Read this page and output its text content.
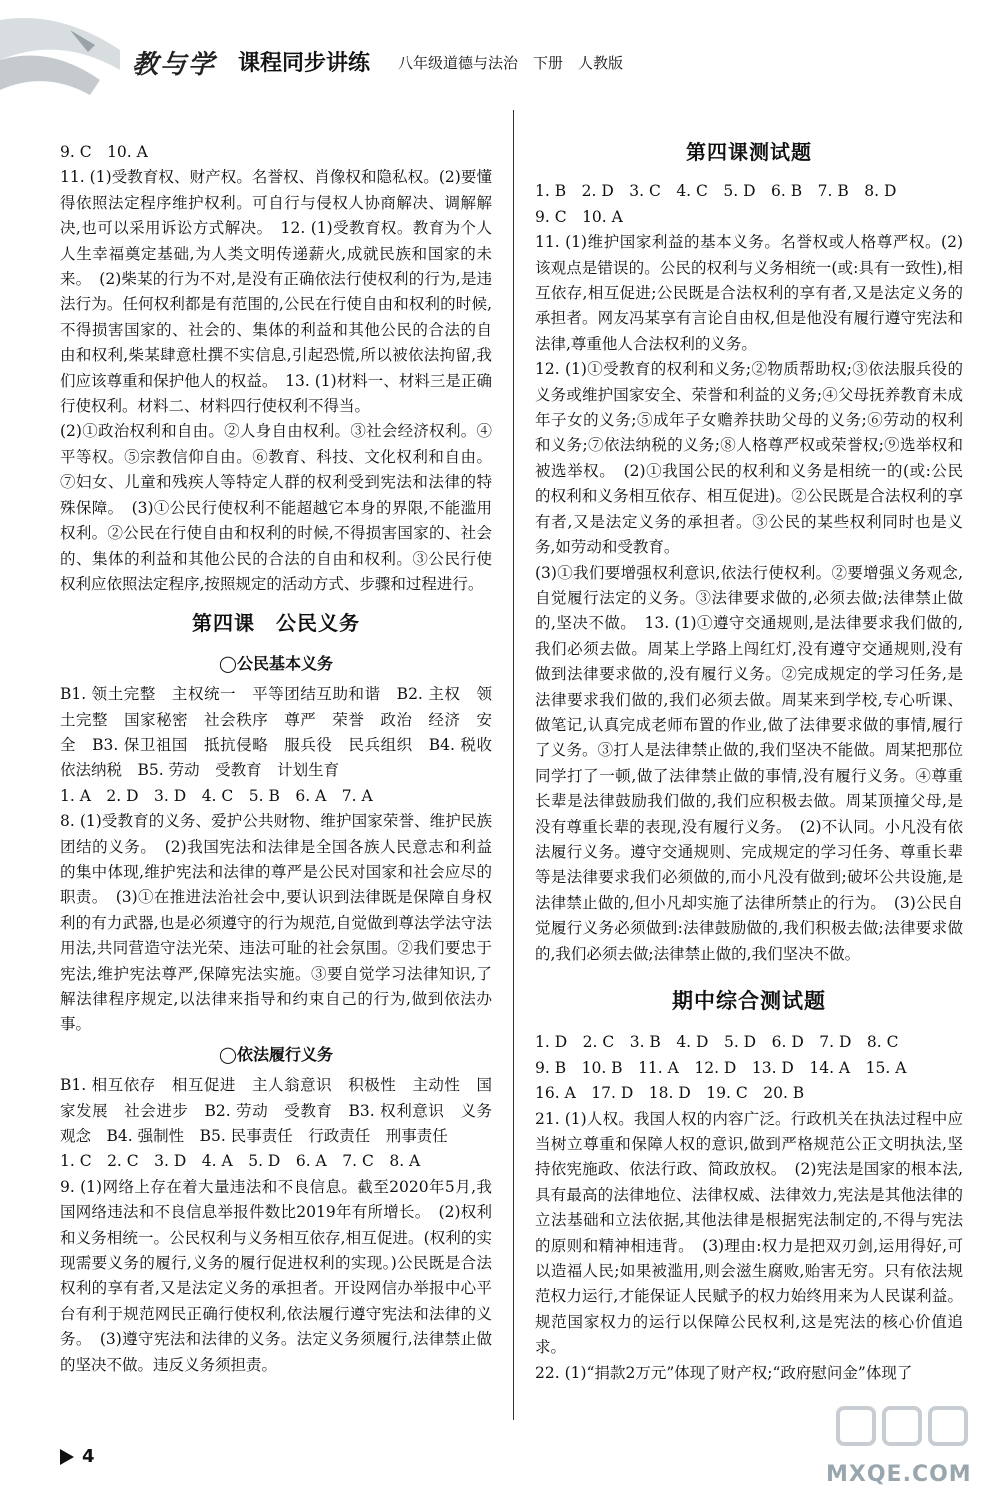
教与学 课程同步讲练 八年级道德与法治　下册　人教版

9. C　10. A

11. (1)受教育权、财产权。名誉权、肖像权和隐私权。(2)要懂得依照法定程序维护权利。可自行与侵权人协商解决、调解解决,也可以采用诉讼方式解决。　12. (1)受教育权。教育为个人人生幸福奠定基础,为人类文明传递薪火,成就民族和国家的未来。　(2)柴某的行为不对,是没有正确依法行使权利的行为,是违法行为。任何权利都是有范围的,公民在行使自由和权利的时候,不得损害国家的、社会的、集体的利益和其他公民的合法的自由和权利,柴某肆意杜撰不实信息,引起恐慌,所以被依法拘留,我们应该尊重和保护他人的权益。　13. (1)材料一、材料三是正确行使权利。材料二、材料四行使权利不得当。

(2)①政治权利和自由。②人身自由权利。③社会经济权利。④平等权。⑤宗教信仰自由。⑥教育、科技、文化权利和自由。⑦妇女、儿童和残疾人等特定人群的权利受到宪法和法律的特殊保障。　(3)①公民行使权利不能超越它本身的界限,不能滥用权利。②公民在行使自由和权利的时候,不得损害国家的、社会的、集体的利益和其他公民的合法的自由和权利。③公民行使权利应依照法定程序,按照规定的活动方式、步骤和过程进行。

第四课　公民义务

◯公民基本义务

B1. 领土完整　主权统一　平等团结互助和谐　B2. 主权　领土完整　国家秘密　社会秩序　尊严　荣誉　政治　经济　安全　B3. 保卫祖国　抵抗侵略　服兵役　民兵组织　B4. 税收　依法纳税　B5. 劳动　受教育　计划生育

1. A　2. D　3. D　4. C　5. B　6. A　7. A

8. (1)受教育的义务、爱护公共财物、维护国家荣誉、维护民族团结的义务。　(2)我国宪法和法律是全国各族人民意志和利益的集中体现,维护宪法和法律的尊严是公民对国家和社会应尽的职责。　(3)①在推进法治社会中,要认识到法律既是保障自身权利的有力武器,也是必须遵守的行为规范,自觉做到尊法学法守法用法,共同营造守法光荣、违法可耻的社会氛围。②我们要忠于宪法,维护宪法尊严,保障宪法实施。③要自觉学习法律知识,了解法律程序规定,以法律来指导和约束自己的行为,做到依法办事。

◯依法履行义务

B1. 相互依存　相互促进　主人翁意识　积极性　主动性　国家发展　社会进步　B2. 劳动　受教育　B3. 权利意识　义务观念　B4. 强制性　B5. 民事责任　行政责任　刑事责任

1. C　2. C　3. D　4. A　5. D　6. A　7. C　8. A

9. (1)网络上存在着大量违法和不良信息。截至2020年5月,我国网络违法和不良信息举报件数比2019年有所增长。　(2)权利和义务相统一。公民权利与义务相互依存,相互促进。(权利的实现需要义务的履行,义务的履行促进权利的实现。)公民既是合法权利的享有者,又是法定义务的承担者。开设网信办举报中心平台有利于规范网民正确行使权利,依法履行遵守宪法和法律的义务。　(3)遵守宪法和法律的义务。法定义务须履行,法律禁止做的坚决不做。违反义务须担责。

第四课测试题

1. B　2. D　3. C　4. C　5. D　6. B　7. B　8. D

9. C　10. A

11. (1)维护国家利益的基本义务。名誉权或人格尊严权。(2)该观点是错误的。公民的权利与义务相统一(或:具有一致性),相互依存,相互促进;公民既是合法权利的享有者,又是法定义务的承担者。网友冯某享有言论自由权,但是他没有履行遵守宪法和法律,尊重他人合法权利的义务。

12. (1)①受教育的权利和义务;②物质帮助权;③依法服兵役的义务或维护国家安全、荣誉和利益的义务;④父母抚养教育未成年子女的义务;⑤成年子女赡养扶助父母的义务;⑥劳动的权利和义务;⑦依法纳税的义务;⑧人格尊严权或荣誉权;⑨选举权和被选举权。　(2)①我国公民的权利和义务是相统一的(或:公民的权利和义务相互依存、相互促进)。②公民既是合法权利的享有者,又是法定义务的承担者。③公民的某些权利同时也是义务,如劳动和受教育。

(3)①我们要增强权利意识,依法行使权利。②要增强义务观念,自觉履行法定的义务。③法律要求做的,必须去做;法律禁止做的,坚决不做。　13. (1)①遵守交通规则,是法律要求我们做的,我们必须去做。周某上学路上闯红灯,没有遵守交通规则,没有做到法律要求做的,没有履行义务。②完成规定的学习任务,是法律要求我们做的,我们必须去做。周某来到学校,专心听课、做笔记,认真完成老师布置的作业,做了法律要求做的事情,履行了义务。③打人是法律禁止做的,我们坚决不能做。周某把那位同学打了一顿,做了法律禁止做的事情,没有履行义务。④尊重长辈是法律鼓励我们做的,我们应积极去做。周某顶撞父母,是没有尊重长辈的表现,没有履行义务。　(2)不认同。小凡没有依法履行义务。遵守交通规则、完成规定的学习任务、尊重长辈等是法律要求我们必须做的,而小凡没有做到;破坏公共设施,是法律禁止做的,但小凡却实施了法律所禁止的行为。　(3)公民自觉履行义务必须做到:法律鼓励做的,我们积极去做;法律要求做的,我们必须去做;法律禁止做的,我们坚决不做。

期中综合测试题

1. D　2. C　3. B　4. D　5. D　6. D　7. D　8. C

9. B　10. B　11. A　12. D　13. D　14. A　15. A

16. A　17. D　18. D　19. C　20. B

21. (1)人权。我国人权的内容广泛。行政机关在执法过程中应当树立尊重和保障人权的意识,做到严格规范公正文明执法,坚持依宪施政、依法行政、简政放权。　(2)宪法是国家的根本法,具有最高的法律地位、法律权威、法律效力,宪法是其他法律的立法基础和立法依据,其他法律是根据宪法制定的,不得与宪法的原则和精神相违背。　(3)理由:权力是把双刃剑,运用得好,可以造福人民;如果被滥用,则会滋生腐败,贻害无穷。只有依法规范权力运行,才能保证人民赋予的权力始终用来为人民谋利益。规范国家权力的运行以保障公民权利,这是宪法的核心价值追求。

22. (1)“捐款2万元”体现了财产权;“政府慰问金”体现了

4
MXQE.COM
